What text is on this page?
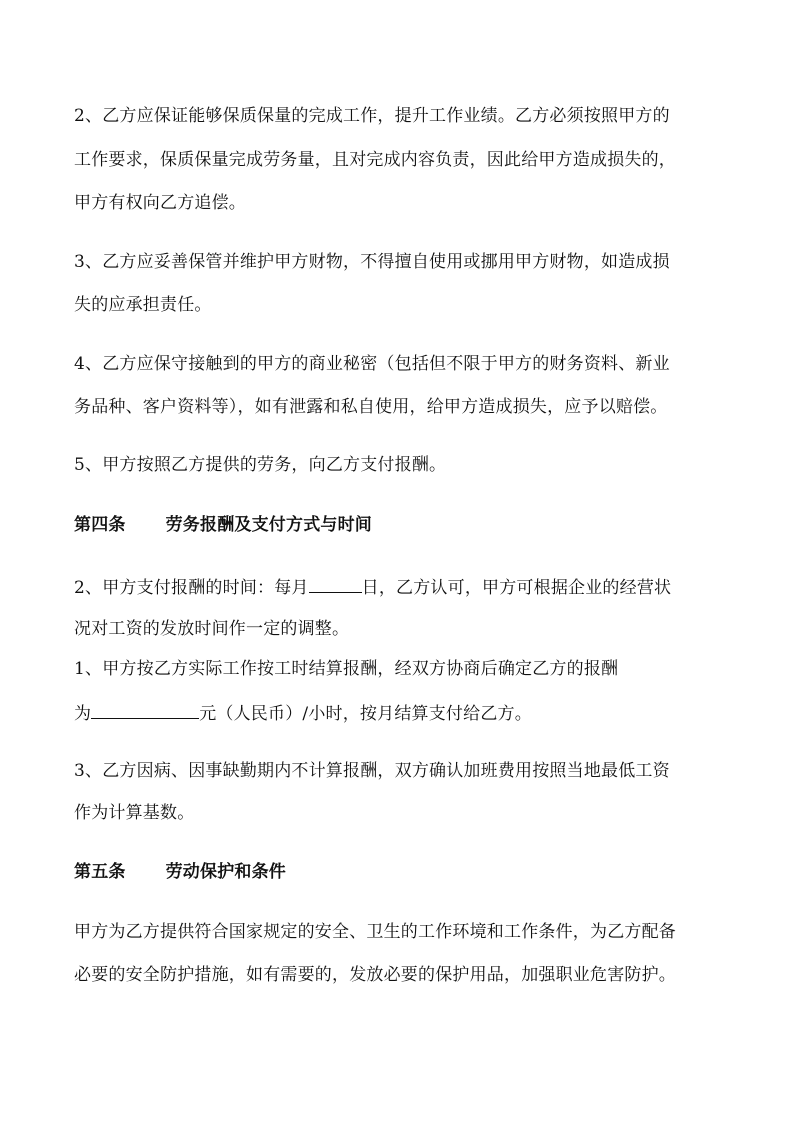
2、乙方应保证能够保质保量的完成工作，提升工作业绩。乙方必须按照甲方的
工作要求，保质保量完成劳务量，且对完成内容负责，因此给甲方造成损失的，
甲方有权向乙方追偿。
3、乙方应妥善保管并维护甲方财物，不得擅自使用或挪用甲方财物，如造成损
失的应承担责任。
4、乙方应保守接触到的甲方的商业秘密（包括但不限于甲方的财务资料、新业
务品种、客户资料等），如有泄露和私自使用，给甲方造成损失，应予以赔偿。
5、甲方按照乙方提供的劳务，向乙方支付报酬。
第四条 劳务报酬及支付方式与时间
2、甲方支付报酬的时间：每月	日，乙方认可，甲方可根据企业的经营状
况对工资的发放时间作一定的调整。
1、甲方按乙方实际工作按工时结算报酬，经双方协商后确定乙方的报酬
为	元（人民币）/小时，按月结算支付给乙方。
3、乙方因病、因事缺勤期内不计算报酬，双方确认加班费用按照当地最低工资
作为计算基数。
第五条 劳动保护和条件
甲方为乙方提供符合国家规定的安全、卫生的工作环境和工作条件，为乙方配备
必要的安全防护措施，如有需要的，发放必要的保护用品，加强职业危害防护。
